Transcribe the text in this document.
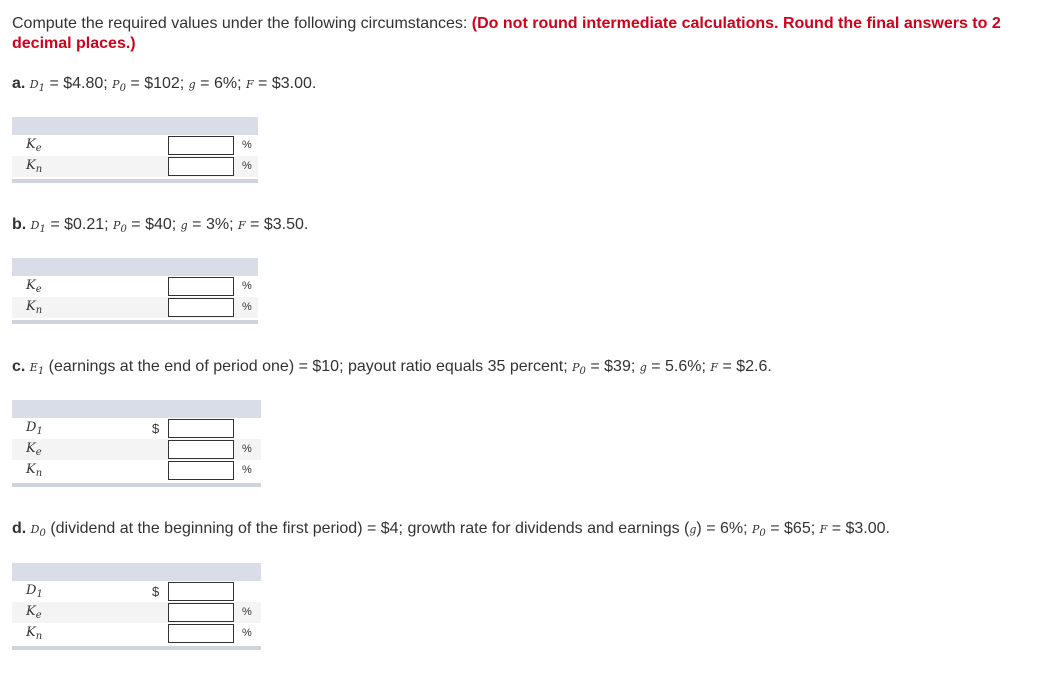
Compute the required values under the following circumstances: (Do not round intermediate calculations. Round the final answers to 2 decimal places.)
a. $D_1$ = $4.80; $P_0$ = $102; g = 6%; F = $3.00.
$K_e$	%
$K_n$	%
b. $D_1$ = $0.21; $P_0$ = $40; g = 3%; F = $3.50.
$K_e$	%
$K_n$	%
c. $E_1$ (earnings at the end of period one) = $10; payout ratio equals 35 percent; $P_0$ = $39; g = 5.6%; F = $2.6.
$D_1$	$
$K_e$	%
$K_n$	%
d. $D_0$ (dividend at the beginning of the first period) = $4; growth rate for dividends and earnings (g) = 6%; $P_0$ = $65; F = $3.00.
$D_1$	$
$K_e$	%
$K_n$	%
